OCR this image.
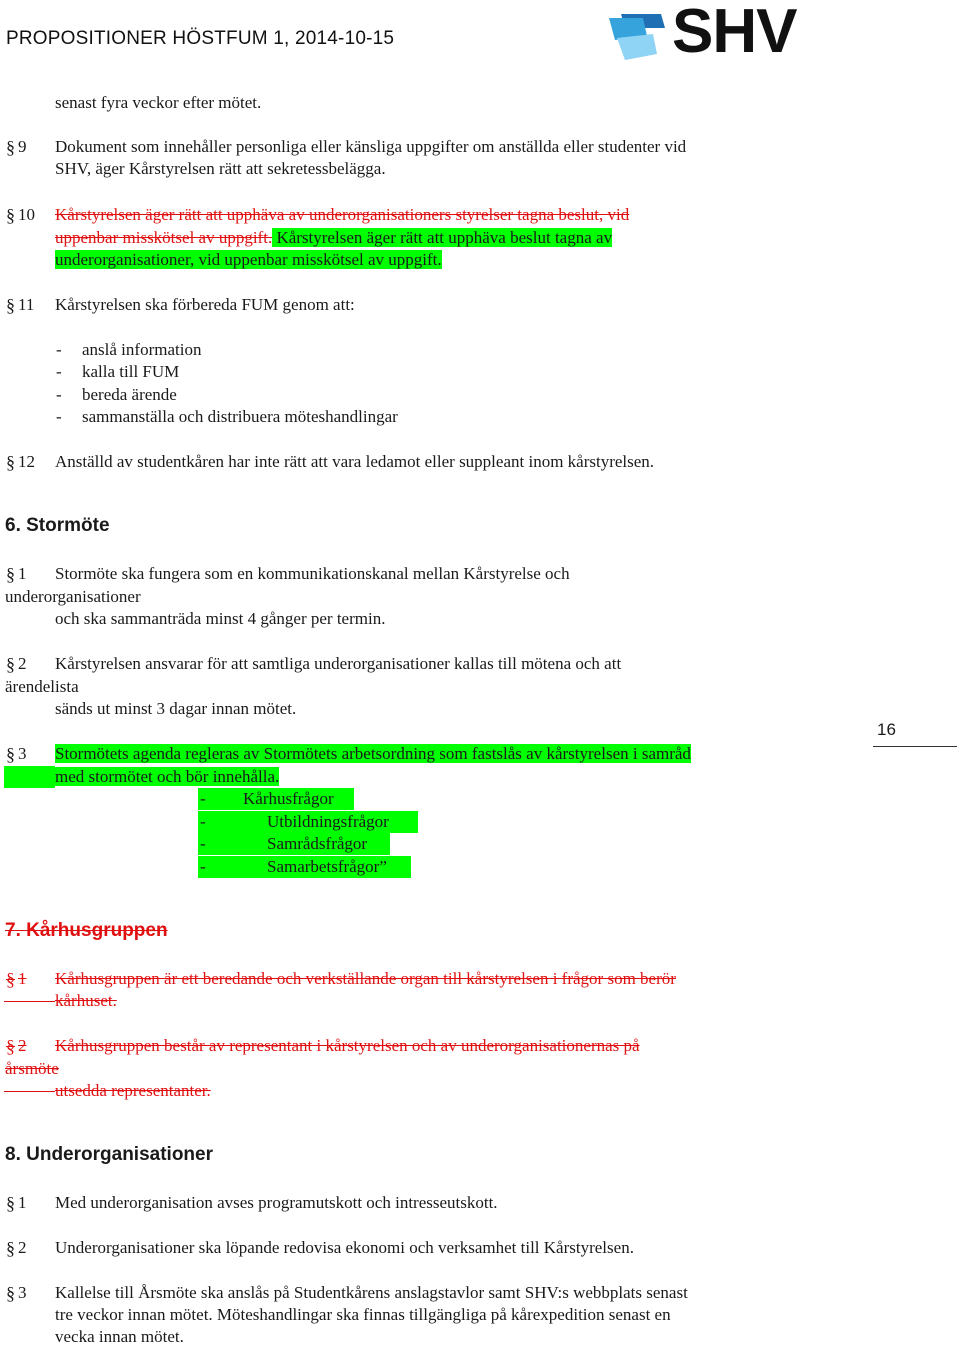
PROPOSITIONER HÖSTFUM 1, 2014-10-15	SHV
16
senast fyra veckor efter mötet.
§ 9 Dokument som innehåller personliga eller känsliga uppgifter om anställda eller studenter vid
SHV, äger Kårstyrelsen rätt att sekretessbelägga.
§ 10 Kårstyrelsen äger rätt att upphäva av underorganisationers styrelser tagna beslut, vid
uppenbar misskötsel av uppgift. Kårstyrelsen äger rätt att upphäva beslut tagna av
underorganisationer, vid uppenbar misskötsel av uppgift.
§ 11 Kårstyrelsen ska förbereda FUM genom att:
- anslå information
- kalla till FUM
- bereda ärende
- sammanställa och distribuera möteshandlingar
§ 12 Anställd av studentkåren har inte rätt att vara ledamot eller suppleant inom kårstyrelsen.
6. Stormöte
§ 1 Stormöte ska fungera som en kommunikationskanal mellan Kårstyrelse och
underorganisationer
och ska sammanträda minst 4 gånger per termin.
§ 2 Kårstyrelsen ansvarar för att samtliga underorganisationer kallas till mötena och att
ärendelista
sänds ut minst 3 dagar innan mötet.
§ 3 Stormötets agenda regleras av Stormötets arbetsordning som fastslås av kårstyrelsen i samråd
med stormötet och bör innehålla.
- Kårhusfrågor
-	Utbildningsfrågor
-	Samrådsfrågor
-	Samarbetsfrågor”
7. Kårhusgruppen
§ 1 Kårhusgruppen är ett beredande och verkställande organ till kårstyrelsen i frågor som berör
kårhuset.
§ 2 Kårhusgruppen består av representant i kårstyrelsen och av underorganisationernas på
årsmöte
utsedda representanter.
8. Underorganisationer
§ 1 Med underorganisation avses programutskott och intresseutskott.
§ 2 Underorganisationer ska löpande redovisa ekonomi och verksamhet till Kårstyrelsen.
§ 3 Kallelse till Årsmöte ska anslås på Studentkårens anslagstavlor samt SHV:s webbplats senast
tre veckor innan mötet. Möteshandlingar ska finnas tillgängliga på kårexpedition senast en
vecka innan mötet.
